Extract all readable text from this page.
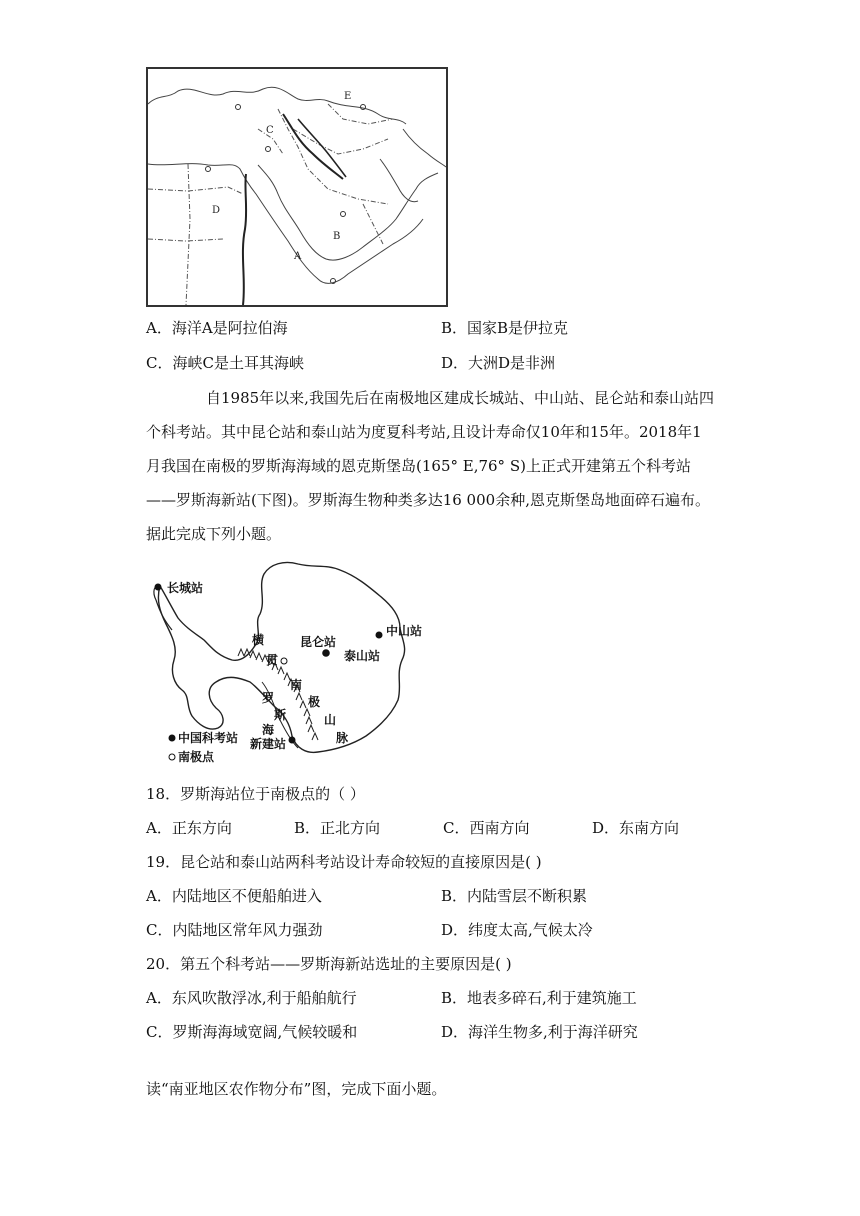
E
C
D
B
A
A．海洋A是阿拉伯海	B．国家B是伊拉克
C．海峡C是土耳其海峡	D．大洲D是非洲
自1985年以来,我国先后在南极地区建成长城站、中山站、昆仑站和泰山站四
个科考站。其中昆仑站和泰山站为度夏科考站,且设计寿命仅10年和15年。2018年1
月我国在南极的罗斯海海域的恩克斯堡岛(165° E,76° S)上正式开建第五个科考站
——罗斯海新站(下图)。罗斯海生物种类多达16 000余种,恩克斯堡岛地面碎石遍布。
据此完成下列小题。
长城站
中山站
昆仑站
泰山站
新建站
横
贯
南
极
山
脉
罗
斯
海
中国科考站
南极点
18．罗斯海站位于南极点的（ ）
A．正东方向	B．正北方向	C．西南方向	D．东南方向
19．昆仑站和泰山站两科考站设计寿命较短的直接原因是( )
A．内陆地区不便船舶进入	B．内陆雪层不断积累
C．内陆地区常年风力强劲	D．纬度太高,气候太冷
20．第五个科考站——罗斯海新站选址的主要原因是( )
A．东风吹散浮冰,利于船舶航行	B．地表多碎石,利于建筑施工
C．罗斯海海域宽阔,气候较暖和	D．海洋生物多,利于海洋研究
读“南亚地区农作物分布”图，完成下面小题。
